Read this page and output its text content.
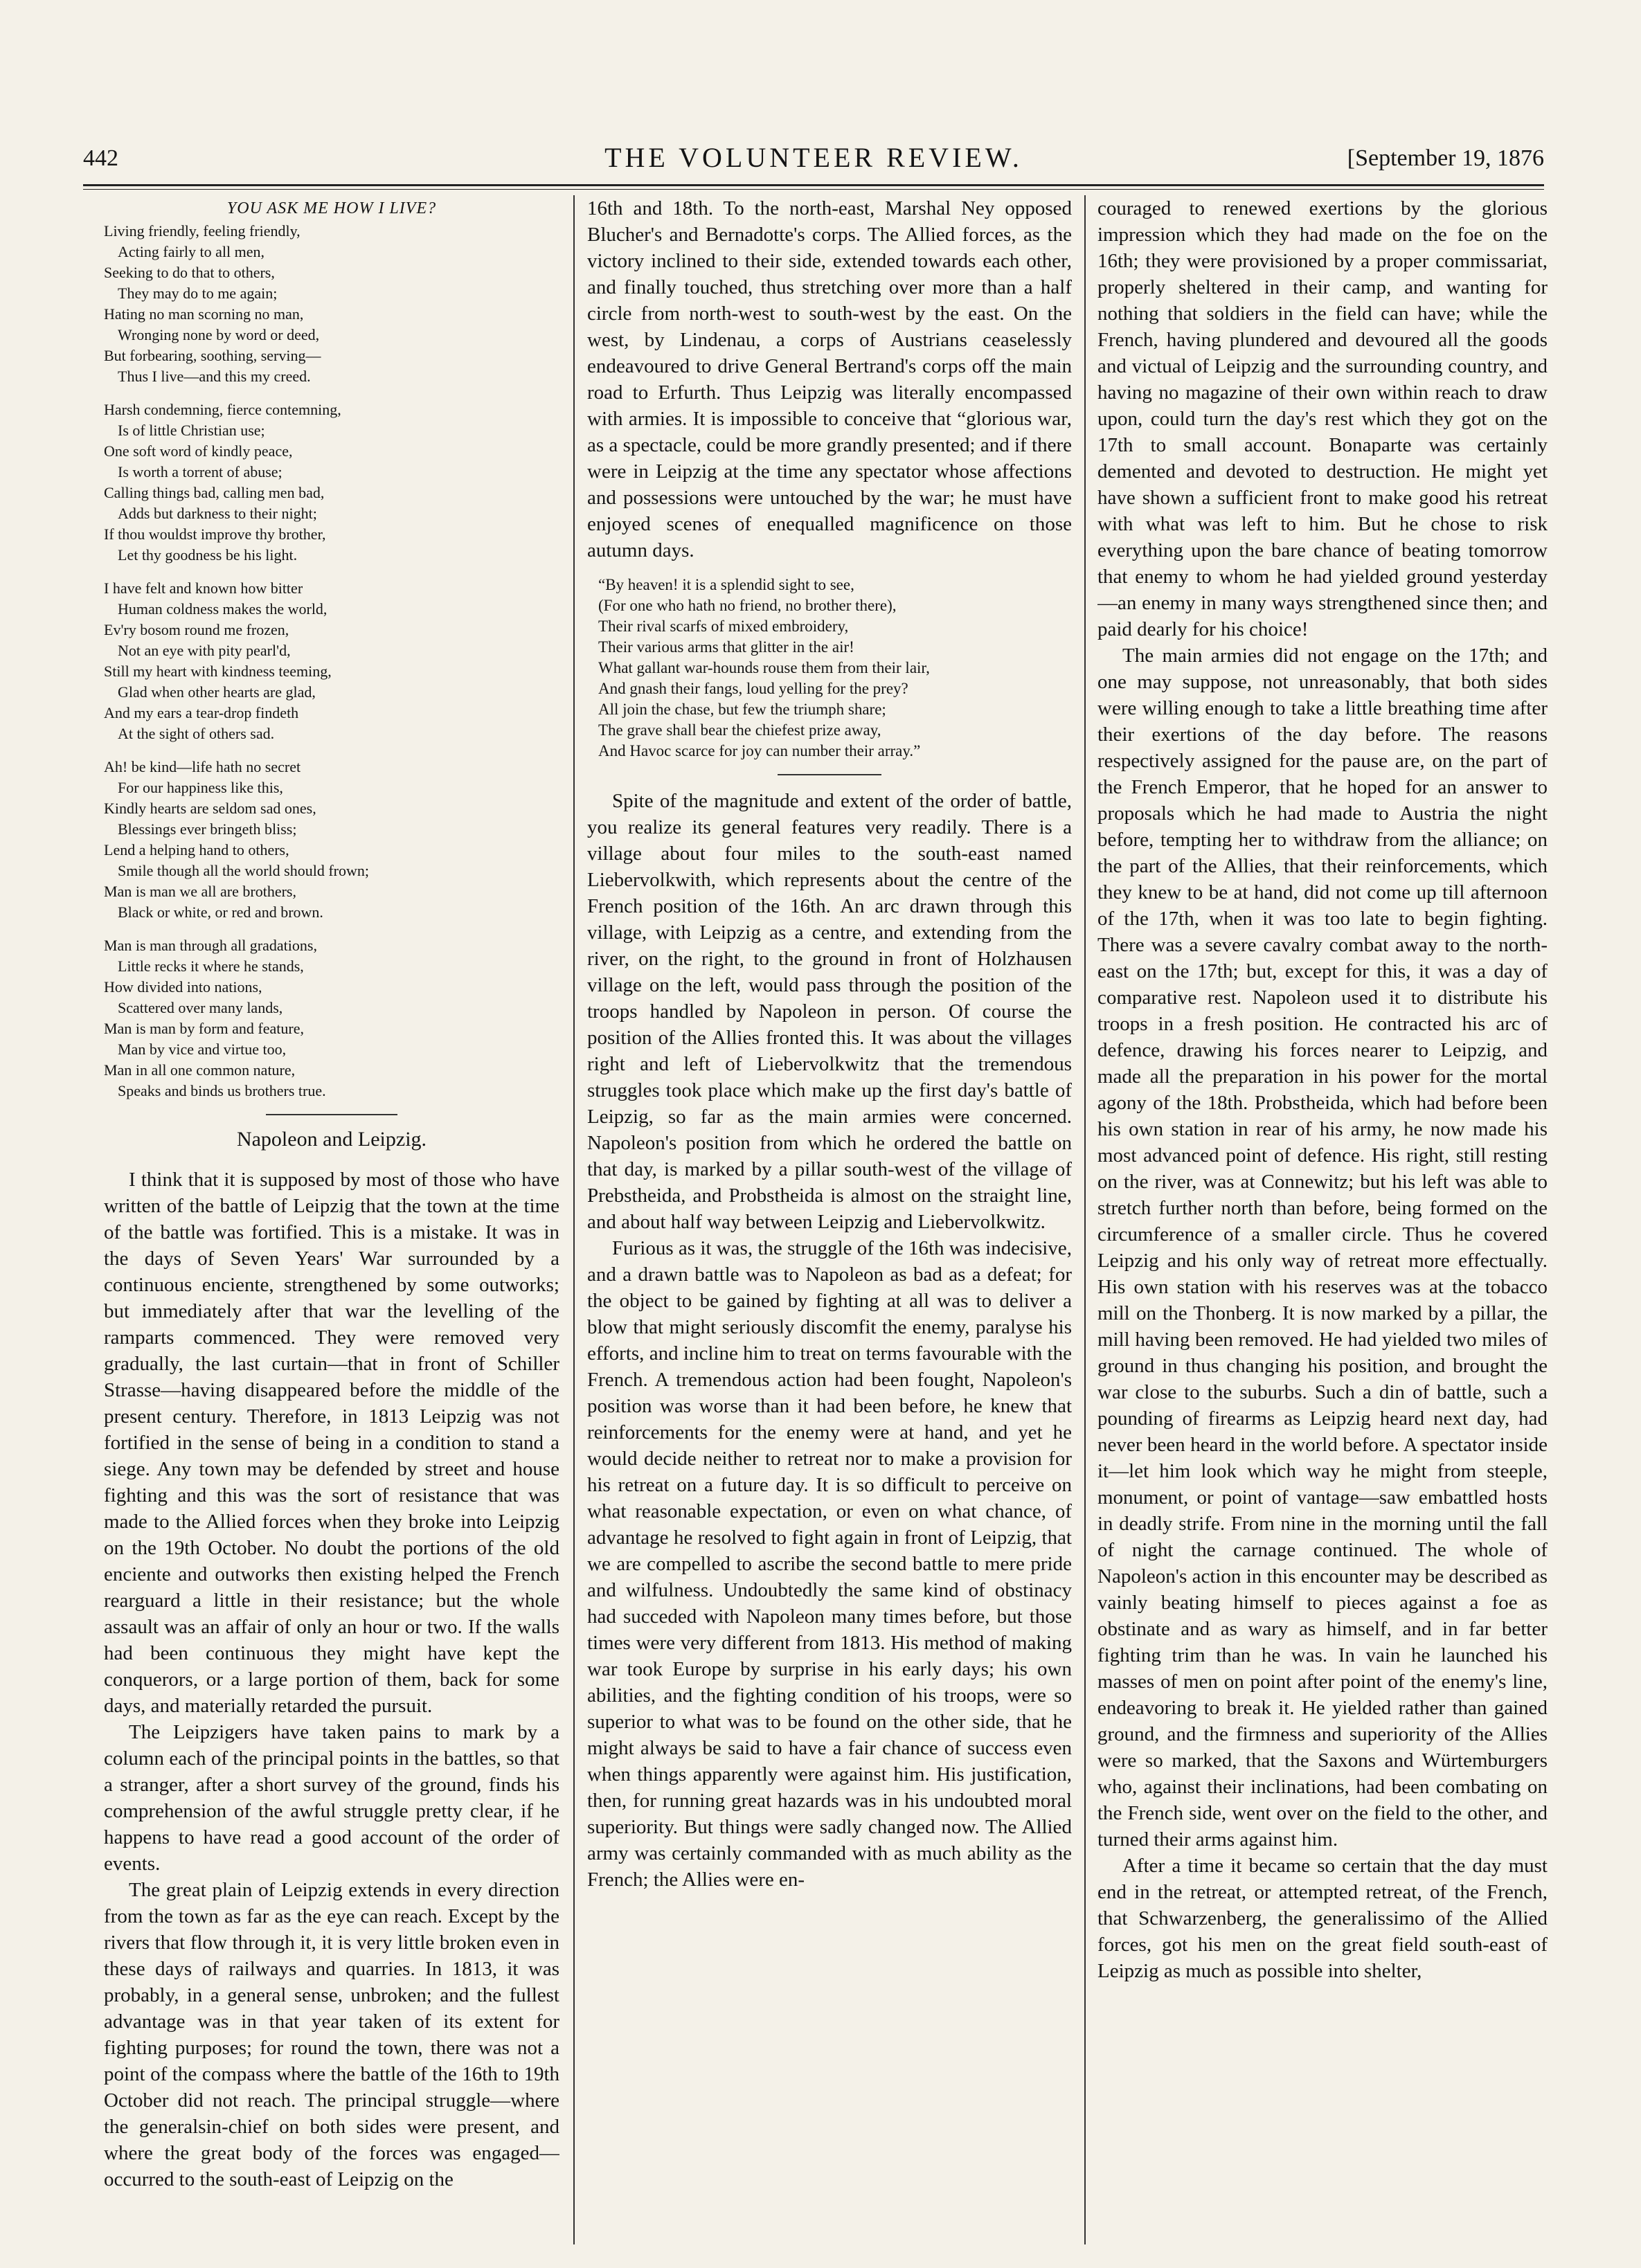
442	THE VOLUNTEER REVIEW.	[September 19, 1876
YOU ASK ME HOW I LIVE?
Living friendly, feeling friendly,
Acting fairly to all men,
Seeking to do that to others,
They may do to me again;
Hating no man scorning no man,
Wronging none by word or deed,
But forbearing, soothing, serving—
Thus I live—and this my creed.
Harsh condemning, fierce contemning,
Is of little Christian use;
One soft word of kindly peace,
Is worth a torrent of abuse;
Calling things bad, calling men bad,
Adds but darkness to their night;
If thou wouldst improve thy brother,
Let thy goodness be his light.
I have felt and known how bitter
Human coldness makes the world,
Ev'ry bosom round me frozen,
Not an eye with pity pearl'd,
Still my heart with kindness teeming,
Glad when other hearts are glad,
And my ears a tear-drop findeth
At the sight of others sad.
Ah! be kind—life hath no secret
For our happiness like this,
Kindly hearts are seldom sad ones,
Blessings ever bringeth bliss;
Lend a helping hand to others,
Smile though all the world should frown;
Man is man we all are brothers,
Black or white, or red and brown.
Man is man through all gradations,
Little recks it where he stands,
How divided into nations,
Scattered over many lands,
Man is man by form and feature,
Man by vice and virtue too,
Man in all one common nature,
Speaks and binds us brothers true.
Napoleon and Leipzig.

I think that it is supposed by most of those who have written of the battle of Leipzig that the town at the time of the battle was fortified. This is a mistake. It was in the days of Seven Years' War surrounded by a continuous enciente, strengthened by some outworks; but immediately after that war the levelling of the ramparts commenced. They were removed very gradually, the last curtain—that in front of Schiller Strasse—having disappeared before the middle of the present century. Therefore, in 1813 Leipzig was not fortified in the sense of being in a condition to stand a siege. Any town may be defended by street and house fighting and this was the sort of resistance that was made to the Allied forces when they broke into Leipzig on the 19th October. No doubt the portions of the old enciente and outworks then existing helped the French rearguard a little in their resistance; but the whole assault was an affair of only an hour or two. If the walls had been continuous they might have kept the conquerors, or a large portion of them, back for some days, and materially retarded the pursuit.

The Leipzigers have taken pains to mark by a column each of the principal points in the battles, so that a stranger, after a short survey of the ground, finds his comprehension of the awful struggle pretty clear, if he happens to have read a good account of the order of events.

The great plain of Leipzig extends in every direction from the town as far as the eye can reach. Except by the rivers that flow through it, it is very little broken even in these days of railways and quarries. In 1813, it was probably, in a general sense, unbroken; and the fullest advantage was in that year taken of its extent for fighting purposes; for round the town, there was not a point of the compass where the battle of the 16th to 19th October did not reach. The principal struggle—where the generalsin-chief on both sides were present, and where the great body of the forces was engaged—occurred to the south-east of Leipzig on the

16th and 18th. To the north-east, Marshal Ney opposed Blucher's and Bernadotte's corps. The Allied forces, as the victory inclined to their side, extended towards each other, and finally touched, thus stretching over more than a half circle from north-west to south-west by the east. On the west, by Lindenau, a corps of Austrians ceaselessly endeavoured to drive General Bertrand's corps off the main road to Erfurth. Thus Leipzig was literally encompassed with armies. It is impossible to conceive that “glorious war, as a spectacle, could be more grandly presented; and if there were in Leipzig at the time any spectator whose affections and possessions were untouched by the war; he must have enjoyed scenes of enequalled magnificence on those autumn days.

“By heaven! it is a splendid sight to see,
(For one who hath no friend, no brother there),
Their rival scarfs of mixed embroidery,
Their various arms that glitter in the air!
What gallant war-hounds rouse them from their lair,
And gnash their fangs, loud yelling for the prey?
All join the chase, but few the triumph share;
The grave shall bear the chiefest prize away,
And Havoc scarce for joy can number their array.”

Spite of the magnitude and extent of the order of battle, you realize its general features very readily. There is a village about four miles to the south-east named Liebervolkwith, which represents about the centre of the French position of the 16th. An arc drawn through this village, with Leipzig as a centre, and extending from the river, on the right, to the ground in front of Holzhausen village on the left, would pass through the position of the troops handled by Napoleon in person. Of course the position of the Allies fronted this. It was about the villages right and left of Liebervolkwitz that the tremendous struggles took place which make up the first day's battle of Leipzig, so far as the main armies were concerned. Napoleon's position from which he ordered the battle on that day, is marked by a pillar south-west of the village of Prebstheida, and Probstheida is almost on the straight line, and about half way between Leipzig and Liebervolkwitz.

Furious as it was, the struggle of the 16th was indecisive, and a drawn battle was to Napoleon as bad as a defeat; for the object to be gained by fighting at all was to deliver a blow that might seriously discomfit the enemy, paralyse his efforts, and incline him to treat on terms favourable with the French. A tremendous action had been fought, Napoleon's position was worse than it had been before, he knew that reinforcements for the enemy were at hand, and yet he would decide neither to retreat nor to make a provision for his retreat on a future day. It is so difficult to perceive on what reasonable expectation, or even on what chance, of advantage he resolved to fight again in front of Leipzig, that we are compelled to ascribe the second battle to mere pride and wilfulness. Undoubtedly the same kind of obstinacy had succeded with Napoleon many times before, but those times were very different from 1813. His method of making war took Europe by surprise in his early days; his own abilities, and the fighting condition of his troops, were so superior to what was to be found on the other side, that he might always be said to have a fair chance of success even when things apparently were against him. His justification, then, for running great hazards was in his undoubted moral superiority. But things were sadly changed now. The Allied army was certainly commanded with as much ability as the French; the Allies were en-

couraged to renewed exertions by the glorious impression which they had made on the foe on the 16th; they were provisioned by a proper commissariat, properly sheltered in their camp, and wanting for nothing that soldiers in the field can have; while the French, having plundered and devoured all the goods and victual of Leipzig and the surrounding country, and having no magazine of their own within reach to draw upon, could turn the day's rest which they got on the 17th to small account. Bonaparte was certainly demented and devoted to destruction. He might yet have shown a sufficient front to make good his retreat with what was left to him. But he chose to risk everything upon the bare chance of beating tomorrow that enemy to whom he had yielded ground yesterday—an enemy in many ways strengthened since then; and paid dearly for his choice!

The main armies did not engage on the 17th; and one may suppose, not unreasonably, that both sides were willing enough to take a little breathing time after their exertions of the day before. The reasons respectively assigned for the pause are, on the part of the French Emperor, that he hoped for an answer to proposals which he had made to Austria the night before, tempting her to withdraw from the alliance; on the part of the Allies, that their reinforcements, which they knew to be at hand, did not come up till afternoon of the 17th, when it was too late to begin fighting. There was a severe cavalry combat away to the north-east on the 17th; but, except for this, it was a day of comparative rest. Napoleon used it to distribute his troops in a fresh position. He contracted his arc of defence, drawing his forces nearer to Leipzig, and made all the preparation in his power for the mortal agony of the 18th. Probstheida, which had before been his own station in rear of his army, he now made his most advanced point of defence. His right, still resting on the river, was at Connewitz; but his left was able to stretch further north than before, being formed on the circumference of a smaller circle. Thus he covered Leipzig and his only way of retreat more effectually. His own station with his reserves was at the tobacco mill on the Thonberg. It is now marked by a pillar, the mill having been removed. He had yielded two miles of ground in thus changing his position, and brought the war close to the suburbs. Such a din of battle, such a pounding of firearms as Leipzig heard next day, had never been heard in the world before. A spectator inside it—let him look which way he might from steeple, monument, or point of vantage—saw embattled hosts in deadly strife. From nine in the morning until the fall of night the carnage continued. The whole of Napoleon's action in this encounter may be described as vainly beating himself to pieces against a foe as obstinate and as wary as himself, and in far better fighting trim than he was. In vain he launched his masses of men on point after point of the enemy's line, endeavoring to break it. He yielded rather than gained ground, and the firmness and superiority of the Allies were so marked, that the Saxons and Würtemburgers who, against their inclinations, had been combating on the French side, went over on the field to the other, and turned their arms against him.

After a time it became so certain that the day must end in the retreat, or attempted retreat, of the French, that Schwarzenberg, the generalissimo of the Allied forces, got his men on the great field south-east of Leipzig as much as possible into shelter,
